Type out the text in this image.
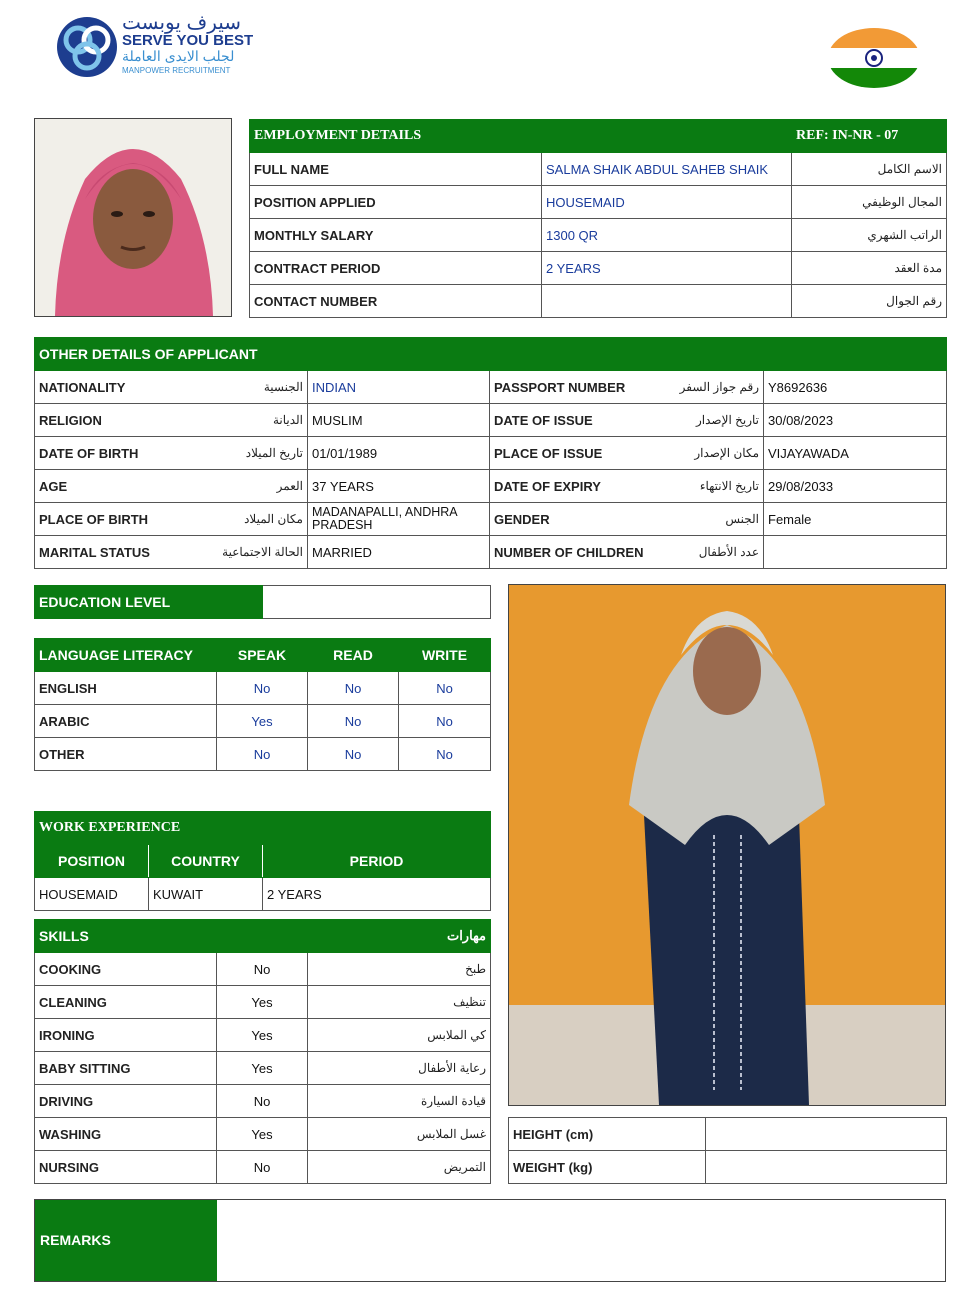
سيرف يوبست
SERVE YOU BEST
لجلب الايدى العاملة
MANPOWER RECRUITMENT
EMPLOYMENT DETAILS		REF: IN-NR - 07
FULL NAME	SALMA SHAIK ABDUL SAHEB SHAIK	الاسم الكامل
POSITION APPLIED	HOUSEMAID	المجال الوظيفي
MONTHLY SALARY	1300 QR	الراتب الشهري
CONTRACT PERIOD	2 YEARS	مدة العقد
CONTACT NUMBER		رقم الجوال
OTHER DETAILS OF APPLICANT					
NATIONALITY	الجنسية	INDIAN	PASSPORT NUMBER	رقم جواز السفر	Y8692636
RELIGION	الديانة	MUSLIM	DATE OF ISSUE	تاريخ الإصدار	30/08/2023
DATE OF BIRTH	تاريخ الميلاد	01/01/1989	PLACE OF ISSUE	مكان الإصدار	VIJAYAWADA
AGE	العمر	37 YEARS	DATE OF EXPIRY	تاريخ الانتهاء	29/08/2033
PLACE OF BIRTH	مكان الميلاد	MADANAPALLI, ANDHRA PRADESH	GENDER	الجنس	Female
MARITAL STATUS	الحالة الاجتماعية	MARRIED	NUMBER OF CHILDREN	عدد الأطفال	
EDUCATION LEVEL	
LANGUAGE LITERACY	SPEAK	READ	WRITE
ENGLISH	No	No	No
ARABIC	Yes	No	No
OTHER	No	No	No
WORK EXPERIENCE		
POSITION	COUNTRY	PERIOD
HOUSEMAID	KUWAIT	2 YEARS
SKILLS		مهارات
COOKING	No	طبخ
CLEANING	Yes	تنظيف
IRONING	Yes	كي الملابس
BABY SITTING	Yes	رعاية الأطفال
DRIVING	No	قيادة السيارة
WASHING	Yes	غسل الملابس
NURSING	No	التمريض
HEIGHT (cm)	
WEIGHT (kg)	
REMARKS
